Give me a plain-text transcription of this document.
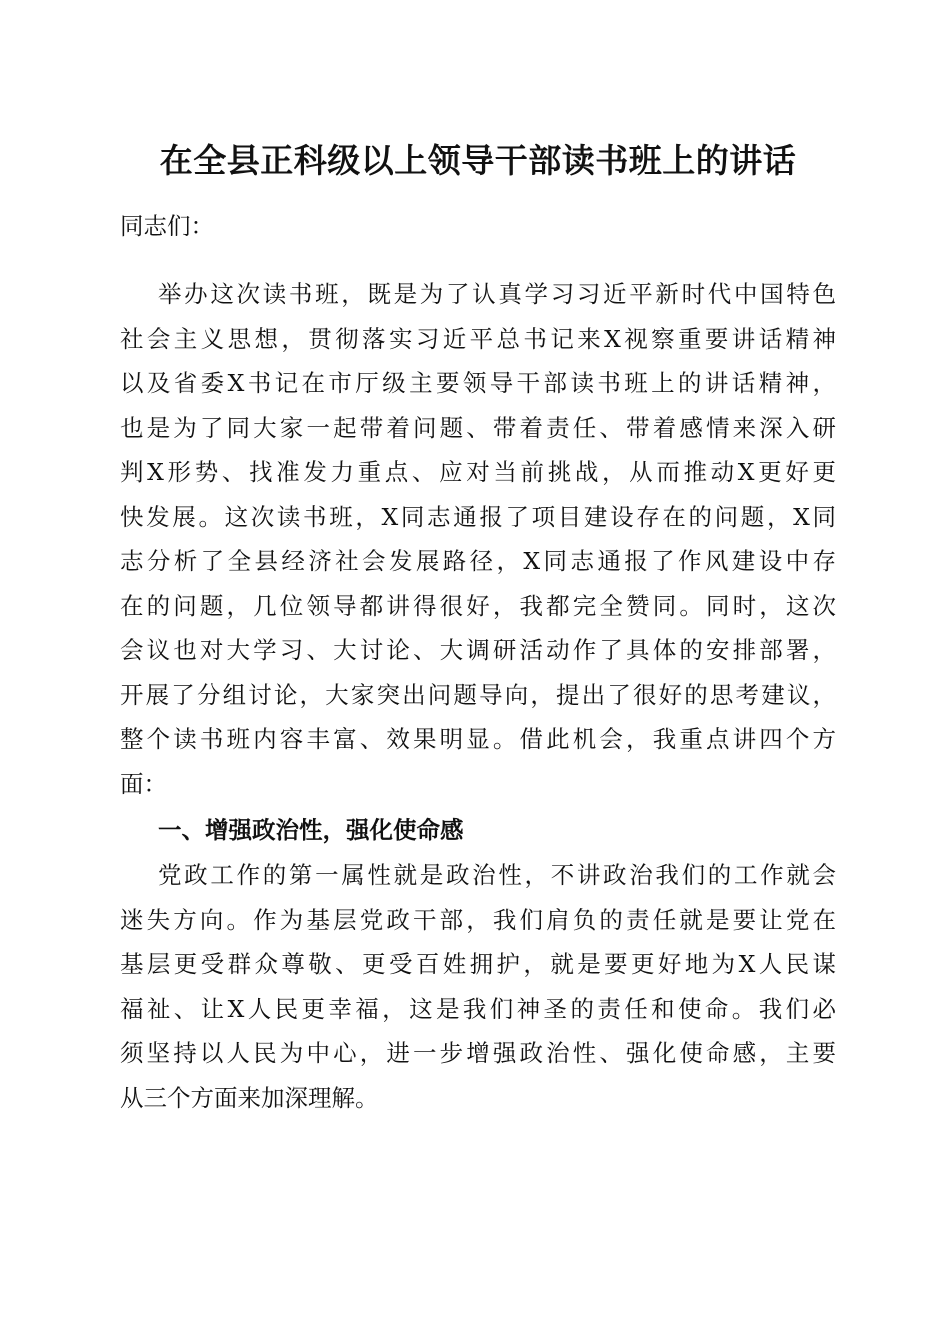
在全县正科级以上领导干部读书班上的讲话

同志们：

举办这次读书班，既是为了认真学习习近平新时代中国特色
社会主义思想，贯彻落实习近平总书记来X视察重要讲话精神
以及省委X书记在市厅级主要领导干部读书班上的讲话精神，
也是为了同大家一起带着问题、带着责任、带着感情来深入研
判X形势、找准发力重点、应对当前挑战，从而推动X更好更
快发展。这次读书班，X同志通报了项目建设存在的问题，X同
志分析了全县经济社会发展路径，X同志通报了作风建设中存
在的问题，几位领导都讲得很好，我都完全赞同。同时，这次
会议也对大学习、大讨论、大调研活动作了具体的安排部署，
开展了分组讨论，大家突出问题导向，提出了很好的思考建议，
整个读书班内容丰富、效果明显。借此机会，我重点讲四个方
面：
一、增强政治性，强化使命感
党政工作的第一属性就是政治性，不讲政治我们的工作就会
迷失方向。作为基层党政干部，我们肩负的责任就是要让党在
基层更受群众尊敬、更受百姓拥护，就是要更好地为X人民谋
福祉、让X人民更幸福，这是我们神圣的责任和使命。我们必
须坚持以人民为中心，进一步增强政治性、强化使命感，主要
从三个方面来加深理解。
